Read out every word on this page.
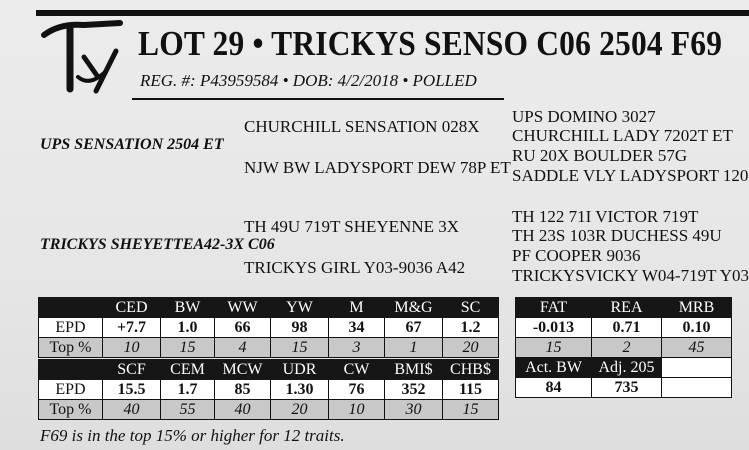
LOT 29 • TRICKYS SENSO C06 2504 F69
REG. #: P43959584 • DOB: 4/2/2018 • POLLED
UPS SENSATION 2504 ET
CHURCHILL SENSATION 028X
NJW BW LADYSPORT DEW 78P ET
UPS DOMINO 3027
CHURCHILL LADY 7202T ET
RU 20X BOULDER 57G
SADDLE VLY LADYSPORT 120
TRICKYS SHEYETTEA42-3X C06
TH 49U 719T SHEYENNE 3X
TRICKYS GIRL Y03-9036 A42
TH 122 71I VICTOR 719T
TH 23S 103R DUCHESS 49U
PF COOPER 9036
TRICKYSVICKY W04-719T Y03
	CED	BW	WW	YW	M	M&G	SC
EPD	+7.7	1.0	66	98	34	67	1.2
Top %	10	15	4	15	3	1	20
	SCF	CEM	MCW	UDR	CW	BMI$	CHB$
EPD	15.5	1.7	85	1.30	76	352	115
Top %	40	55	40	20	10	30	15
FAT	REA	MRB
-0.013	0.71	0.10
15	2	45
Act. BW	Adj. 205	
84	735	
F69 is in the top 15% or higher for 12 traits.
